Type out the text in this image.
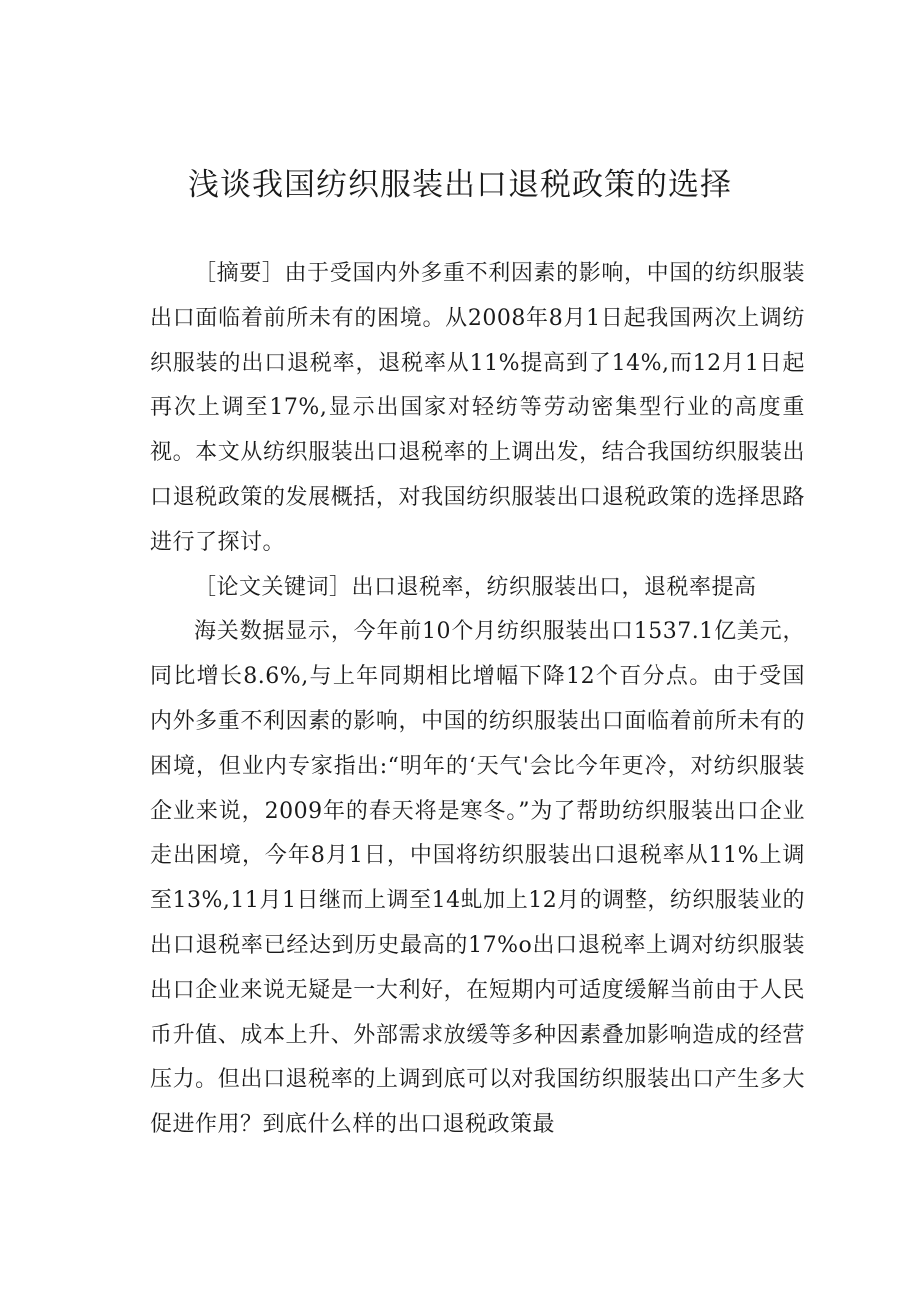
浅谈我国纺织服装出口退税政策的选择

［摘要］由于受国内外多重不利因素的影响，中国的纺织服装出口面临着前所未有的困境。从2008年8月1日起我国两次上调纺织服装的出口退税率，退税率从11%提高到了14%,而12月1日起再次上调至17%,显示出国家对轻纺等劳动密集型行业的高度重视。本文从纺织服装出口退税率的上调出发，结合我国纺织服装出口退税政策的发展概括，对我国纺织服装出口退税政策的选择思路进行了探讨。

［论文关键词］出口退税率，纺织服装出口，退税率提高

海关数据显示，今年前10个月纺织服装出口1537.1亿美元，同比增长8.6%,与上年同期相比增幅下降12个百分点。由于受国内外多重不利因素的影响，中国的纺织服装出口面临着前所未有的困境，但业内专家指出:“明年的‘天气'会比今年更冷，对纺织服装企业来说，2009年的春天将是寒冬。”为了帮助纺织服装出口企业走出困境，今年8月1日，中国将纺织服装出口退税率从11%上调至13%,11月1日继而上调至14虬加上12月的调整，纺织服装业的出口退税率已经达到历史最高的17%o出口退税率上调对纺织服装出口企业来说无疑是一大利好，在短期内可适度缓解当前由于人民币升值、成本上升、外部需求放缓等多种因素叠加影响造成的经营压力。但出口退税率的上调到底可以对我国纺织服装出口产生多大促进作用？到底什么样的出口退税政策最
